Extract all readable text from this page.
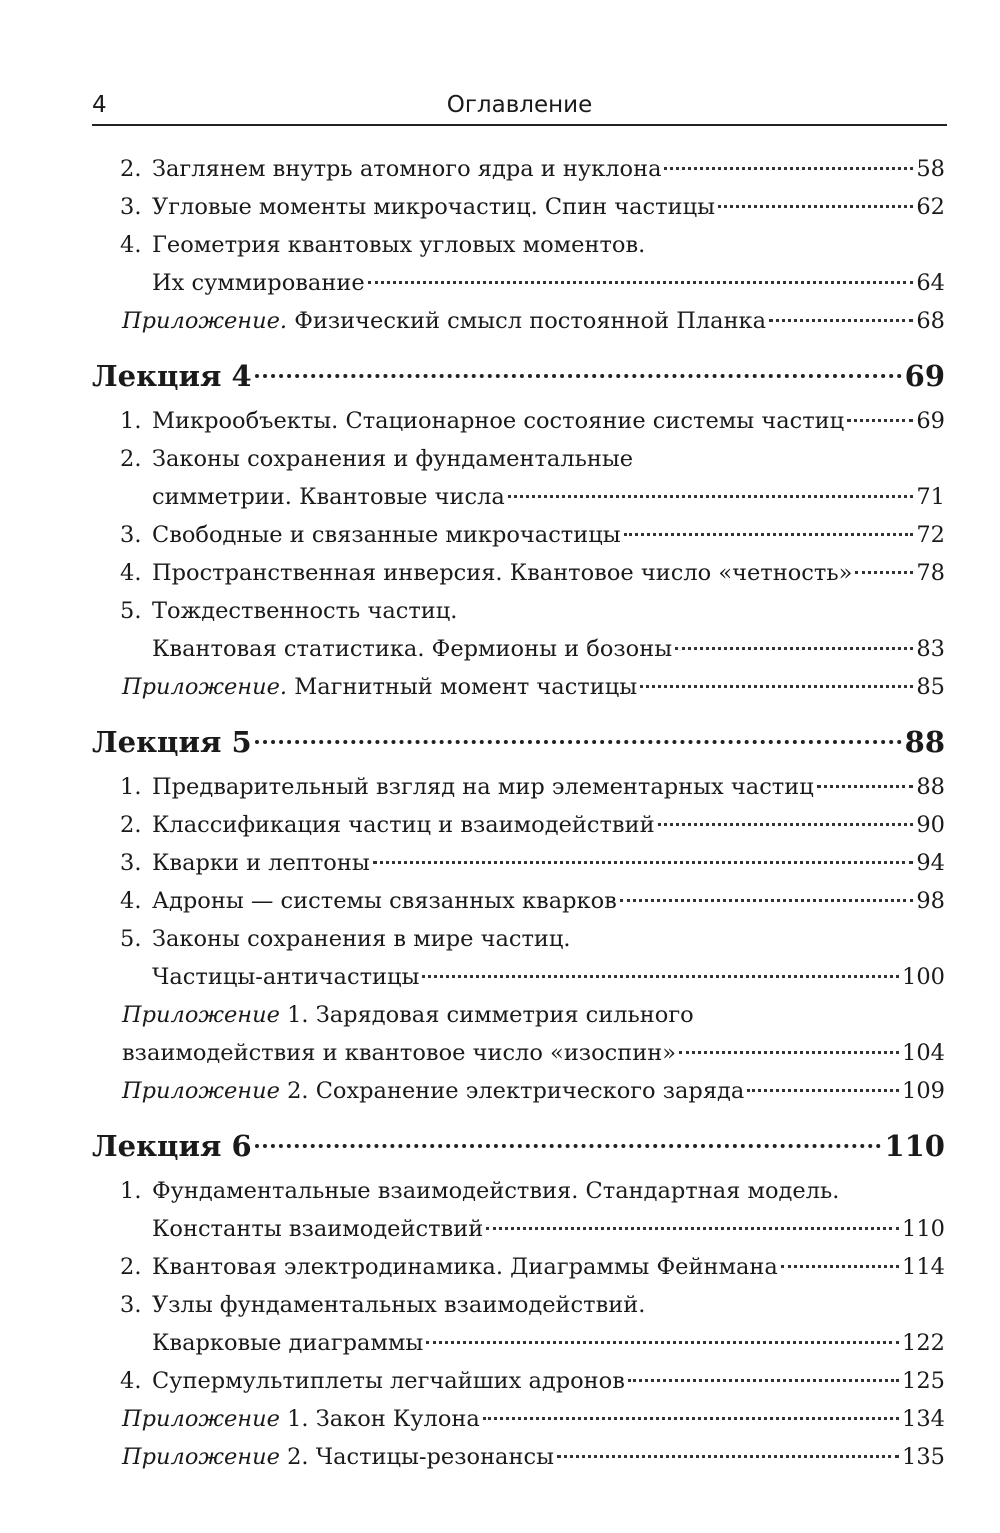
4	Оглавление
2. Заглянем внутрь атомного ядра и нуклона	58
3. Угловые моменты микрочастиц. Спин частицы	62
4. Геометрия квантовых угловых моментов.
Их суммирование	64
Приложение. Физический смысл постоянной Планка	68
Лекция 4	69
1. Микрообъекты. Стационарное состояние системы частиц	69
2. Законы сохранения и фундаментальные
симметрии. Квантовые числа	71
3. Свободные и связанные микрочастицы	72
4. Пространственная инверсия. Квантовое число «четность»	78
5. Тождественность частиц.
Квантовая статистика. Фермионы и бозоны	83
Приложение. Магнитный момент частицы	85
Лекция 5	88
1. Предварительный взгляд на мир элементарных частиц	88
2. Классификация частиц и взаимодействий	90
3. Кварки и лептоны	94
4. Адроны — системы связанных кварков	98
5. Законы сохранения в мире частиц.
Частицы-античастицы	100
Приложение 1. Зарядовая симметрия сильного
взаимодействия и квантовое число «изоспин»	104
Приложение 2. Сохранение электрического заряда	109
Лекция 6	110
1. Фундаментальные взаимодействия. Стандартная модель.
Константы взаимодействий	110
2. Квантовая электродинамика. Диаграммы Фейнмана	114
3. Узлы фундаментальных взаимодействий.
Кварковые диаграммы	122
4. Супермультиплеты легчайших адронов	125
Приложение 1. Закон Кулона	134
Приложение 2. Частицы-резонансы	135
